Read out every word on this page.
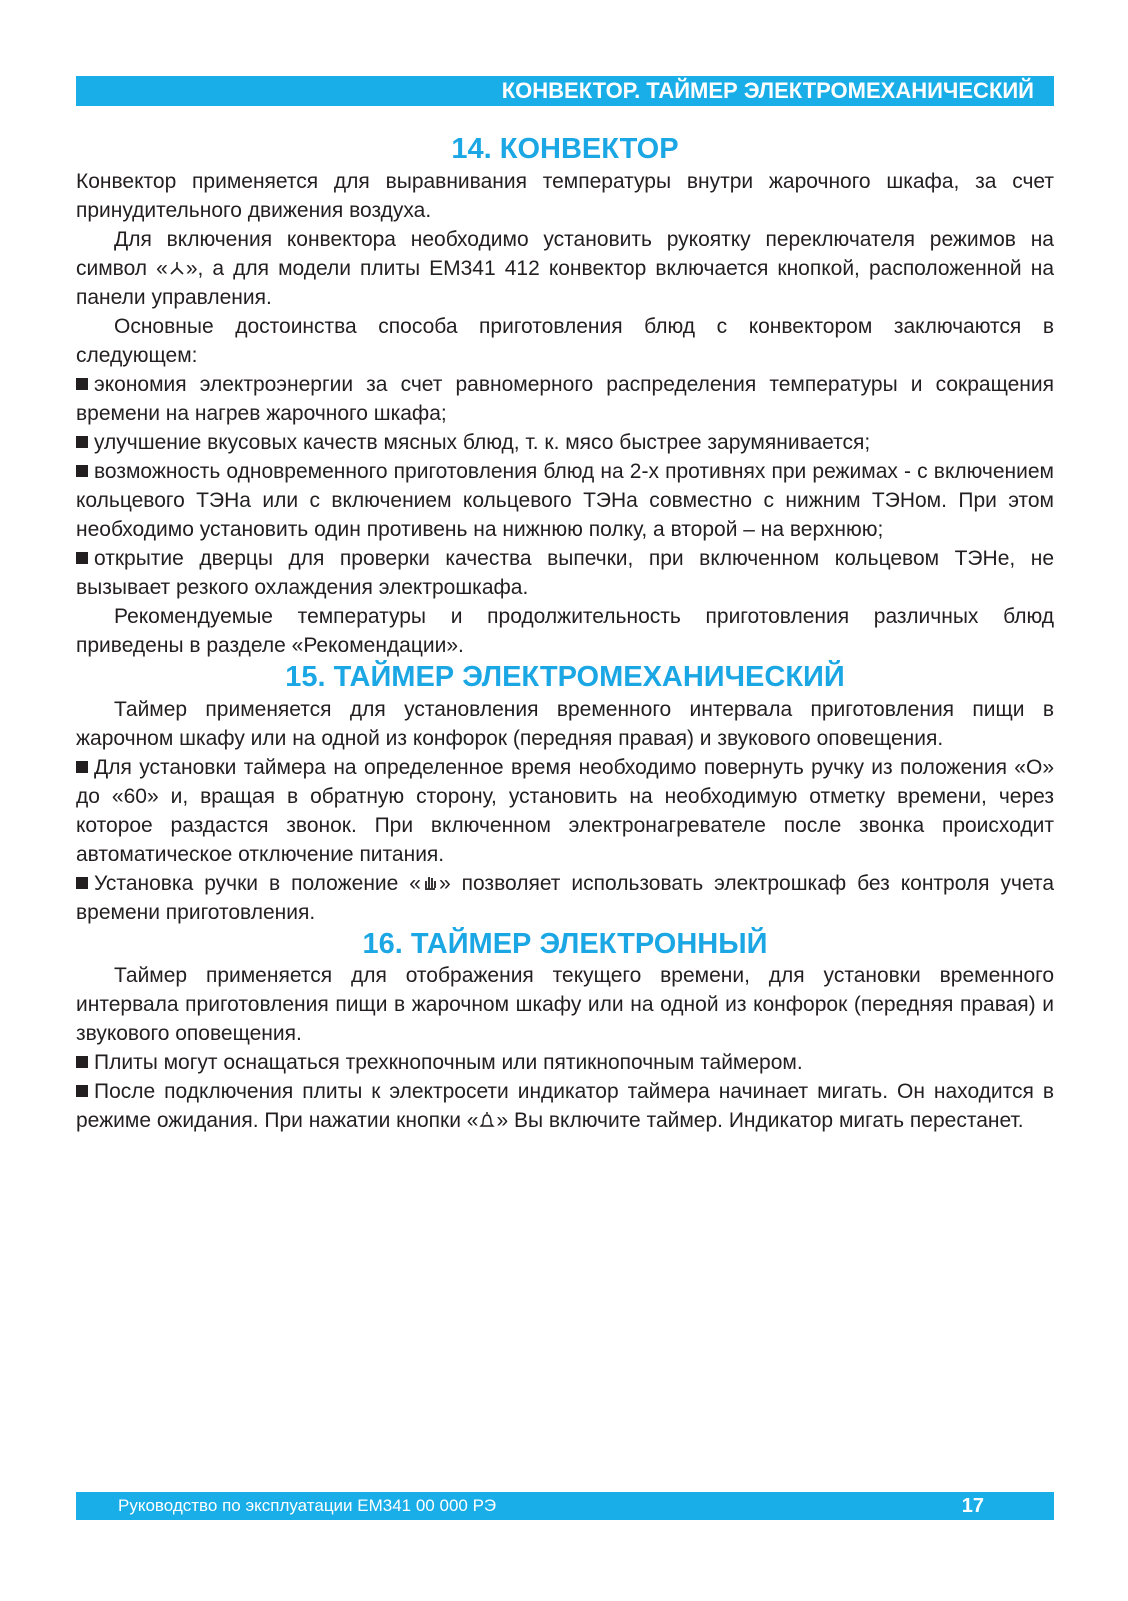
КОНВЕКТОР. ТАЙМЕР ЭЛЕКТРОМЕХАНИЧЕСКИЙ
14. КОНВЕКТОР

Конвектор применяется для выравнивания температуры внутри жарочного шкафа, за счет принудительного движения воздуха.

Для включения конвектора необходимо установить рукоятку переключателя режимов на символ « », а для модели плиты ЕМ341 412 конвектор включается кнопкой, расположенной на панели управления.

Основные достоинства способа приготовления блюд с конвектором заключаются в следующем:

экономия электроэнергии за счет равномерного распределения температуры и сокращения времени на нагрев жарочного шкафа;

улучшение вкусовых качеств мясных блюд, т. к. мясо быстрее зарумянивается;

возможность одновременного приготовления блюд на 2-х противнях при режимах - с включением кольцевого ТЭНа или с включением кольцевого ТЭНа совместно с нижним ТЭНом. При этом необходимо установить один противень на нижнюю полку, а второй – на верхнюю;

открытие дверцы для проверки качества выпечки, при включенном кольцевом ТЭНе, не вызывает резкого охлаждения электрошкафа.

Рекомендуемые температуры и продолжительность приготовления различных блюд приведены в разделе «Рекомендации».

15. ТАЙМЕР ЭЛЕКТРОМЕХАНИЧЕСКИЙ

Таймер применяется для установления временного интервала приготовления пищи в жарочном шкафу или на одной из конфорок (передняя правая) и звукового оповещения.

Для установки таймера на определенное время необходимо повернуть ручку из положения «О» до «60» и, вращая в обратную сторону, установить на необходимую отметку времени, через которое раздастся звонок. При включенном электронагревателе после звонка происходит автоматическое отключение питания.

Установка ручки в положение « » позволяет использовать электрошкаф без контроля учета времени приготовления.

16. ТАЙМЕР ЭЛЕКТРОННЫЙ

Таймер применяется для отображения текущего времени, для установки временного интервала приготовления пищи в жарочном шкафу или на одной из конфорок (передняя правая) и звукового оповещения.

Плиты могут оснащаться трехкнопочным или пятикнопочным таймером.

После подключения плиты к электросети индикатор таймера начинает мигать. Он находится в режиме ожидания. При нажатии кнопки « » Вы включите таймер. Индикатор мигать перестанет.

Руководство по эксплуатации ЕМ341 00 000 РЭ	17
